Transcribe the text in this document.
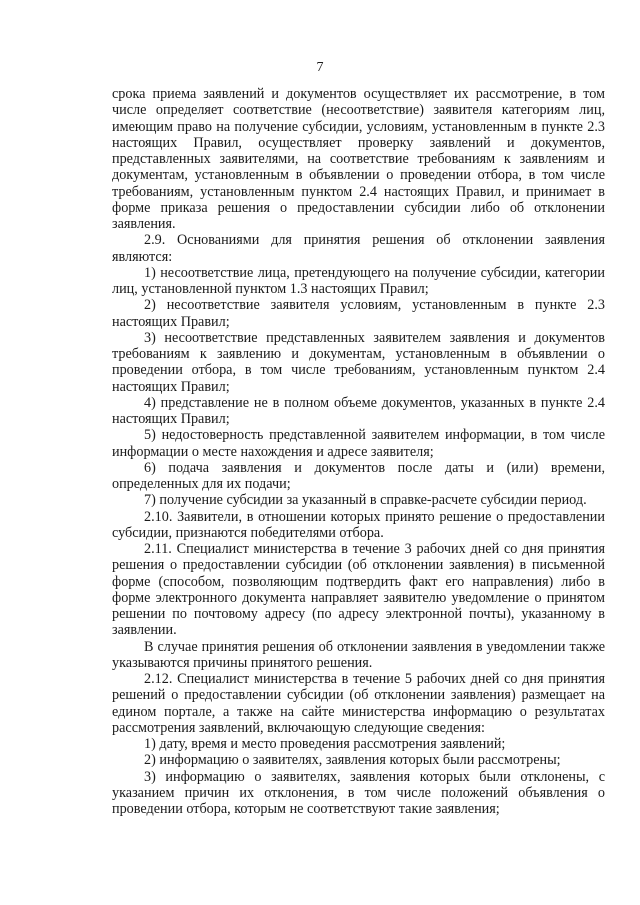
7

срока приема заявлений и документов осуществляет их рассмотрение, в том числе определяет соответствие (несоответствие) заявителя категориям лиц, имеющим право на получение субсидии, условиям, установленным в пункте 2.3 настоящих Правил, осуществляет проверку заявлений и документов, представленных заявителями, на соответствие требованиям к заявлениям и документам, установленным в объявлении о проведении отбора, в том числе требованиям, установленным пунктом 2.4 настоящих Правил, и принимает в форме приказа решения о предоставлении субсидии либо об отклонении заявления.

2.9. Основаниями для принятия решения об отклонении заявления являются:

1) несоответствие лица, претендующего на получение субсидии, категории лиц, установленной пунктом 1.3 настоящих Правил;

2) несоответствие заявителя условиям, установленным в пункте 2.3 настоящих Правил;

3) несоответствие представленных заявителем заявления и документов требованиям к заявлению и документам, установленным в объявлении о проведении отбора, в том числе требованиям, установленным пунктом 2.4 настоящих Правил;

4) представление не в полном объеме документов, указанных в пункте 2.4 настоящих Правил;

5) недостоверность представленной заявителем информации, в том числе информации о месте нахождения и адресе заявителя;

6) подача заявления и документов после даты и (или) времени, определенных для их подачи;

7) получение субсидии за указанный в справке-расчете субсидии период.

2.10. Заявители, в отношении которых принято решение о предоставлении субсидии, признаются победителями отбора.

2.11. Специалист министерства в течение 3 рабочих дней со дня принятия решения о предоставлении субсидии (об отклонении заявления) в письменной форме (способом, позволяющим подтвердить факт его направления) либо в форме электронного документа направляет заявителю уведомление о принятом решении по почтовому адресу (по адресу электронной почты), указанному в заявлении.

В случае принятия решения об отклонении заявления в уведомлении также указываются причины принятого решения.

2.12. Специалист министерства в течение 5 рабочих дней со дня принятия решений о предоставлении субсидии (об отклонении заявления) размещает на едином портале, а также на сайте министерства информацию о результатах рассмотрения заявлений, включающую следующие сведения:

1) дату, время и место проведения рассмотрения заявлений;

2) информацию о заявителях, заявления которых были рассмотрены;

3) информацию о заявителях, заявления которых были отклонены, с указанием причин их отклонения, в том числе положений объявления о проведении отбора, которым не соответствуют такие заявления;
